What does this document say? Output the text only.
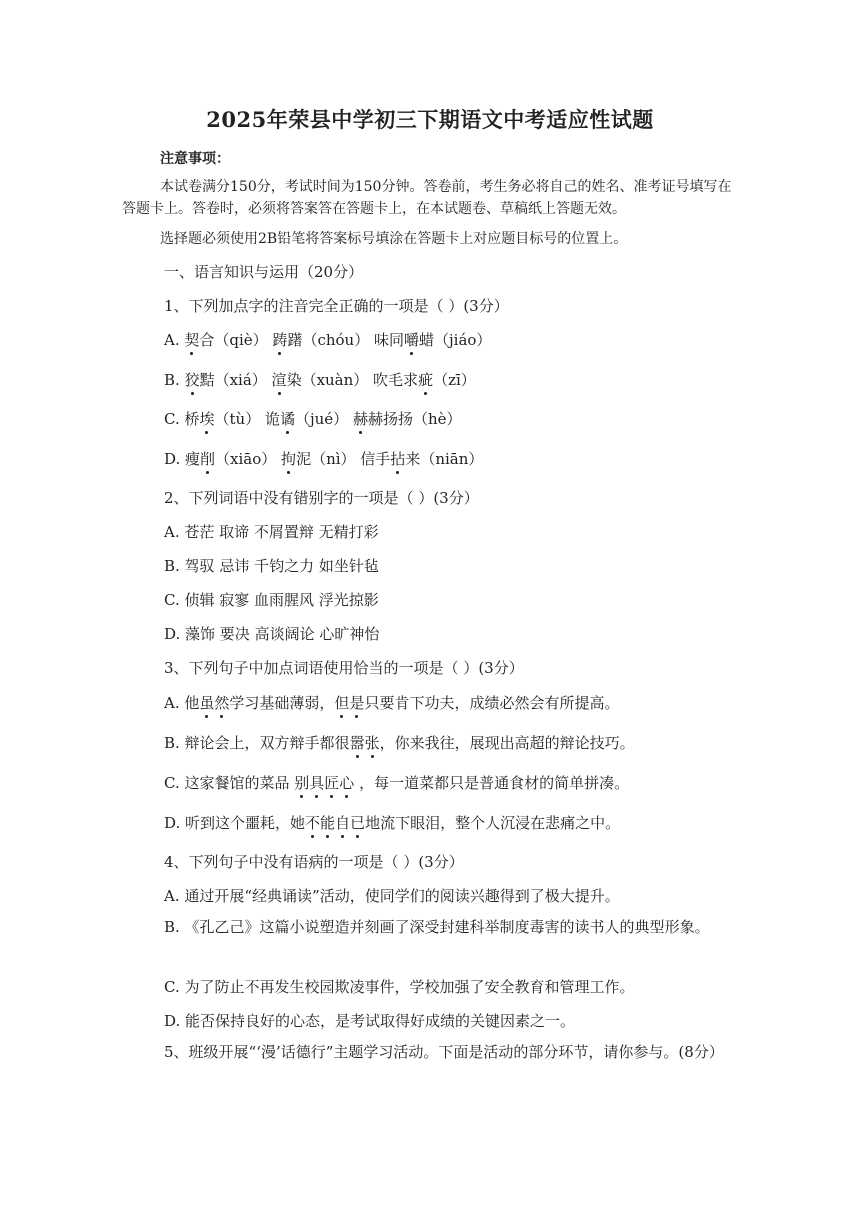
2025年荣县中学初三下期语文中考适应性试题
注意事项：
本试卷满分150分，考试时间为150分钟。答卷前，考生务必将自己的姓名、准考证号填写在答题卡上。答卷时，必须将答案答在答题卡上，在本试题卷、草稿纸上答题无效。
选择题必须使用2B铅笔将答案标号填涂在答题卡上对应题目标号的位置上。
一、语言知识与运用（20分）
1、下列加点字的注音完全正确的一项是（ ）(3分）
A. 契合（qiè） 踌躇（chóu） 味同嚼蜡（jiáo）
B. 狡黠（xiá） 渲染（xuàn） 吹毛求疵（zī）
C. 桥埃（tù） 诡谲（jué） 赫赫扬扬（hè）
D. 瘦削（xiāo） 拘泥（nì） 信手拈来（niān）
2、下列词语中没有错别字的一项是（ ）(3分）
A. 苍茫 取谛 不屑置辩 无精打彩
B. 驾驭 忌讳 千钧之力 如坐针毡
C. 侦辑 寂寥 血雨腥风 浮光掠影
D. 藻饰 要决 高谈阔论 心旷神怡
3、下列句子中加点词语使用恰当的一项是（ ）(3分）
A. 他虽然学习基础薄弱，但是只要肯下功夫，成绩必然会有所提高。
B. 辩论会上，双方辩手都很嚣张，你来我往，展现出高超的辩论技巧。
C. 这家餐馆的菜品 别具匠心 ，每一道菜都只是普通食材的简单拼凑。
D. 听到这个噩耗，她不能自已地流下眼泪，整个人沉浸在悲痛之中。
4、下列句子中没有语病的一项是（ ）(3分）
A. 通过开展“经典诵读”活动，使同学们的阅读兴趣得到了极大提升。
B. 《孔乙己》这篇小说塑造并刻画了深受封建科举制度毒害的读书人的典型形象。
C. 为了防止不再发生校园欺凌事件，学校加强了安全教育和管理工作。
D. 能否保持良好的心态，是考试取得好成绩的关键因素之一。
5、班级开展“‘漫’话德行”主题学习活动。下面是活动的部分环节，请你参与。(8分）
